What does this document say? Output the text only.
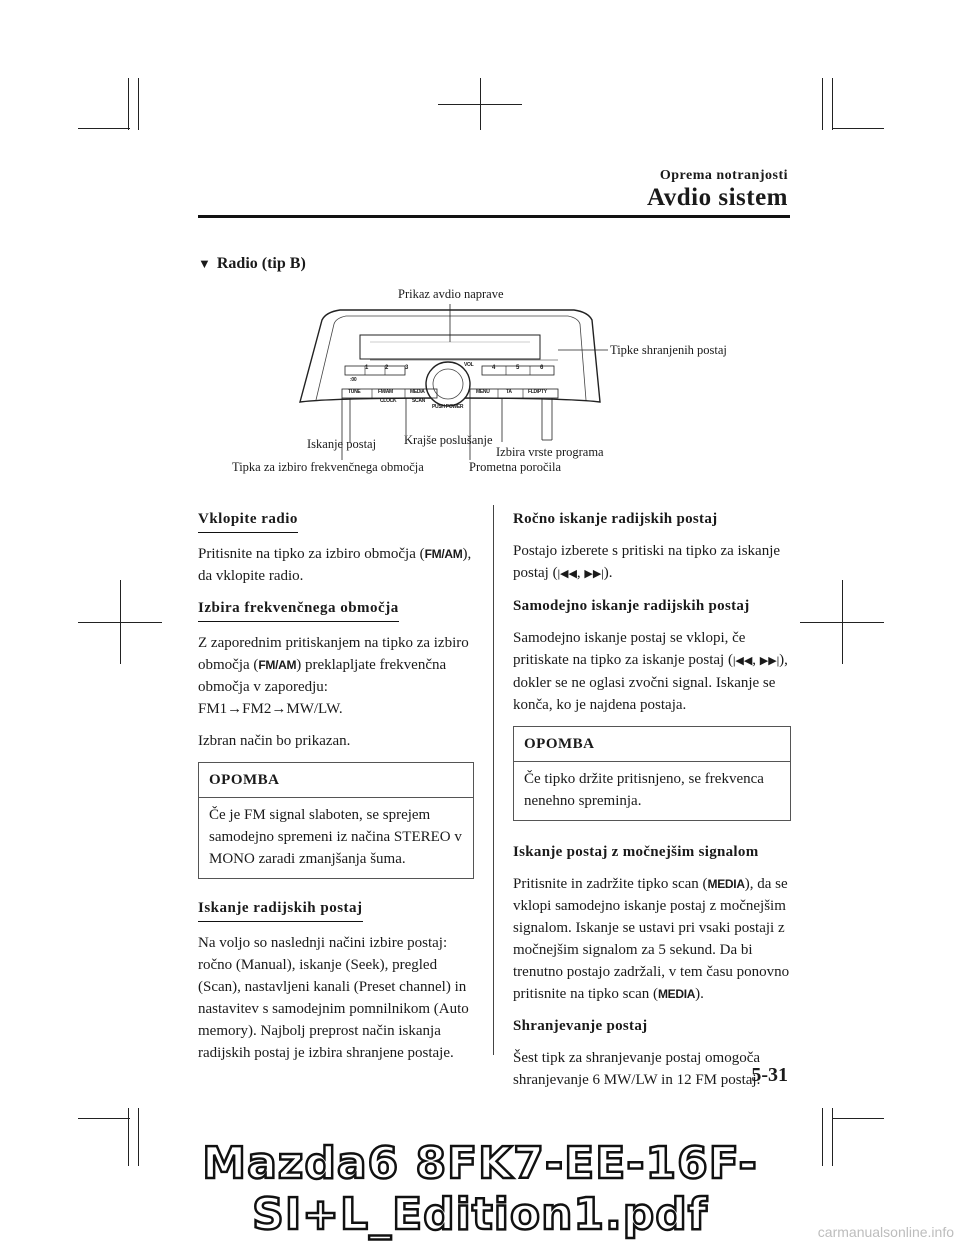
Oprema notranjosti
Avdio sistem
▼ Radio (tip B)
1	2	3	4	5	6
:00
VOL
PUSH POWER
TUNE	FM/AM	MEDIA	MENU	TA	FLD/PTY
CLOCK	SCAN
Prikaz avdio naprave
Tipke shranjenih postaj
Iskanje postaj Krajše poslušanje
Izbira vrste programa
Tipka za izbiro frekvenčnega območja	Prometna poročila

Vklopite radio

Pritisnite na tipko za izbiro območja (FM/AM), da vklopite radio.

Izbira frekvenčnega območja

Z zaporednim pritiskanjem na tipko za izbiro območja (FM/AM) preklapljate frekvenčna območja v zaporedju: FM1→FM2→MW/LW.

Izbran način bo prikazan.

OPOMBA
Če je FM signal slaboten, se sprejem samodejno spremeni iz načina STEREO v MONO zaradi zmanjšanja šuma.

Iskanje radijskih postaj

Na voljo so naslednji načini izbire postaj: ročno (Manual), iskanje (Seek), pregled (Scan), nastavljeni kanali (Preset channel) in nastavitev s samodejnim pomnilnikom (Auto memory). Najbolj preprost način iskanja radijskih postaj je izbira shranjene postaje.

Ročno iskanje radijskih postaj

Postajo izberete s pritiski na tipko za iskanje postaj (|◀◀, ▶▶|).

Samodejno iskanje radijskih postaj

Samodejno iskanje postaj se vklopi, če pritiskate na tipko za iskanje postaj (|◀◀, ▶▶|), dokler se ne oglasi zvočni signal. Iskanje se konča, ko je najdena postaja.

OPOMBA
Če tipko držite pritisnjeno, se frekvenca nenehno spreminja.

Iskanje postaj z močnejšim signalom

Pritisnite in zadržite tipko scan (MEDIA), da se vklopi samodejno iskanje postaj z močnejšim signalom. Iskanje se ustavi pri vsaki postaji z močnejšim signalom za 5 sekund. Da bi trenutno postajo zadržali, v tem času ponovno pritisnite na tipko scan (MEDIA).

Shranjevanje postaj

Šest tipk za shranjevanje postaj omogoča shranjevanje 6 MW/LW in 12 FM postaj.

5-31
Mazda6 8FK7-EE-16F-SI+L_Edition1.pdf	carmanualsonline.info
